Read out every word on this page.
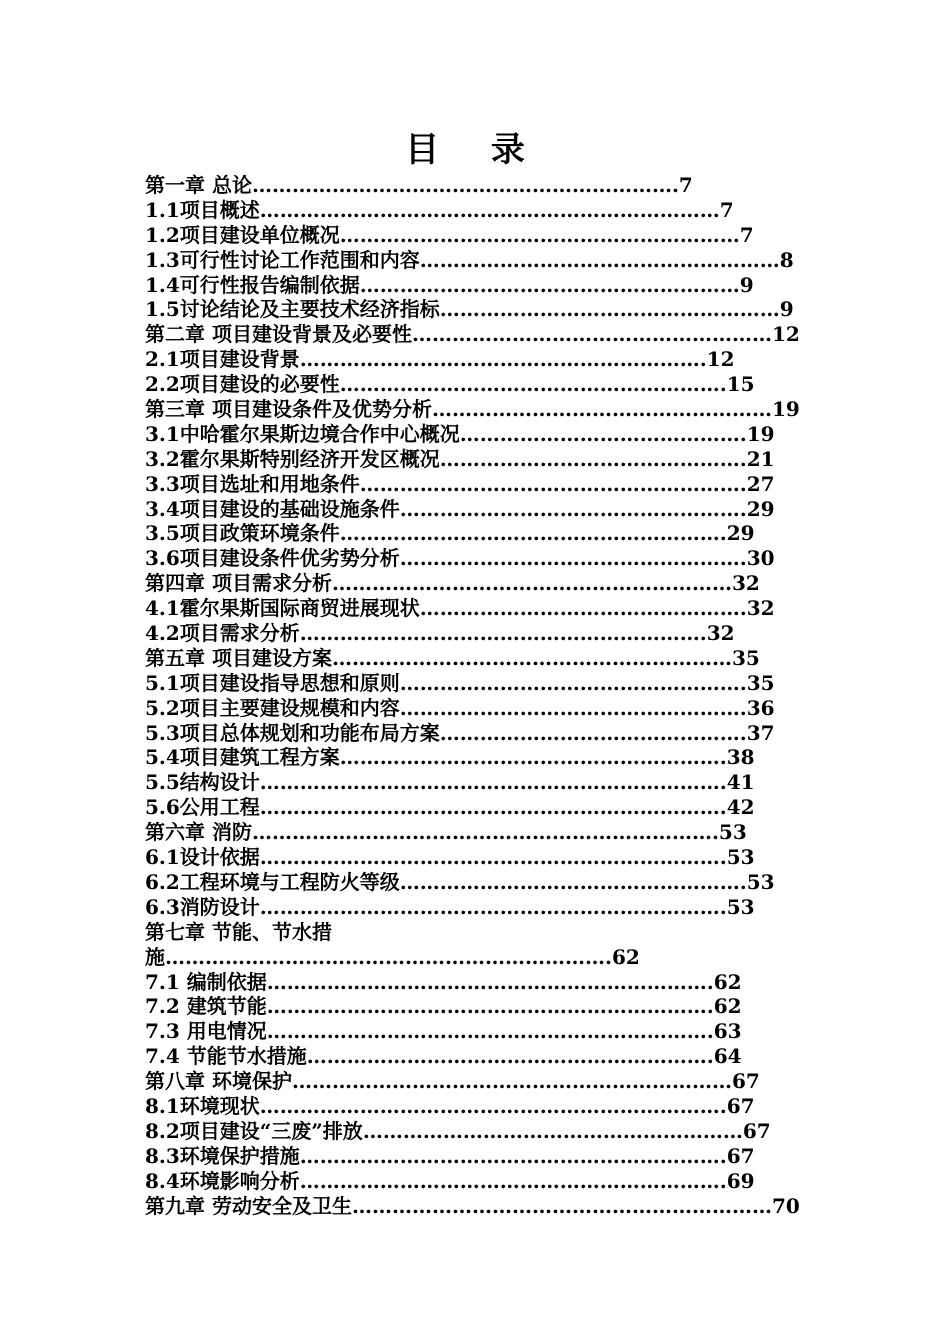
目 录
第一章 总论 ……………………………………………………… .7
1.1项目概述 …………………………………………………………… 7
1.2项目建设单位概况 …………………………………………………… 7
1.3可行性讨论工作范围和内容 ……………………………………………… 8
1.4可行性报告编制依据 ………………………………………………… 9
1.5讨论结论及主要技术经济指标 …………………………………………… 9
第二章 项目建设背景及必要性 ……………………………………………… 12
2.1项目建设背景 …………………………………………………… .12
2.2项目建设的必要性 ………………………………………………… .15
第三章 项目建设条件及优势分析 …………………………………………… 19
3.1中哈霍尔果斯边境合作中心概况 …………………………………… .19
3.2霍尔果斯特别经济开发区概况 ……………………………………… .21
3.3项目选址和用地条件 ………………………………………………… .27
3.4项目建设的基础设施条件 …………………………………………… .29
3.5项目政策环境条件 ………………………………………………… .29
3.6项目建设条件优劣势分析 …………………………………………… .30
第四章 项目需求分析 …………………………………………………… 32
4.1霍尔果斯国际商贸进展现状 ………………………………………… .32
4.2项目需求分析 …………………………………………………… .32
第五章 项目建设方案 …………………………………………………… 35
5.1项目建设指导思想和原则 …………………………………………… .35
5.2项目主要建设规模和内容 …………………………………………… .36
5.3项目总体规划和功能布局方案 ……………………………………… .37
5.4项目建筑工程方案 ………………………………………………… .38
5.5结构设计 …………………………………………………………… .41
5.6公用工程 …………………………………………………………… .42
第六章 消防 …………………………………………………………… .53
6.1设计依据 …………………………………………………………… .53
6.2工程环境与工程防火等级 …………………………………………… .53
6.3消防设计 …………………………………………………………… .53
第七章 节能、节水措施………………………………………………………….62
7.1 编制依据 ………………………………………………………… .62
7.2 建筑节能 ………………………………………………………… .62
7.3 用电情况 ………………………………………………………… .63
7.4 节能节水措施 …………………………………………………… .64
第八章 环境保护 ………………………………………………………… 67
8.1环境现状 …………………………………………………………… .67
8.2项目建设“三废”排放 ………………………………………………… 67
8.3环境保护措施 ……………………………………………………… .67
8.4环境影响分析 ……………………………………………………… .69
第九章 劳动安全及卫生 ……………………………………………………… 70
